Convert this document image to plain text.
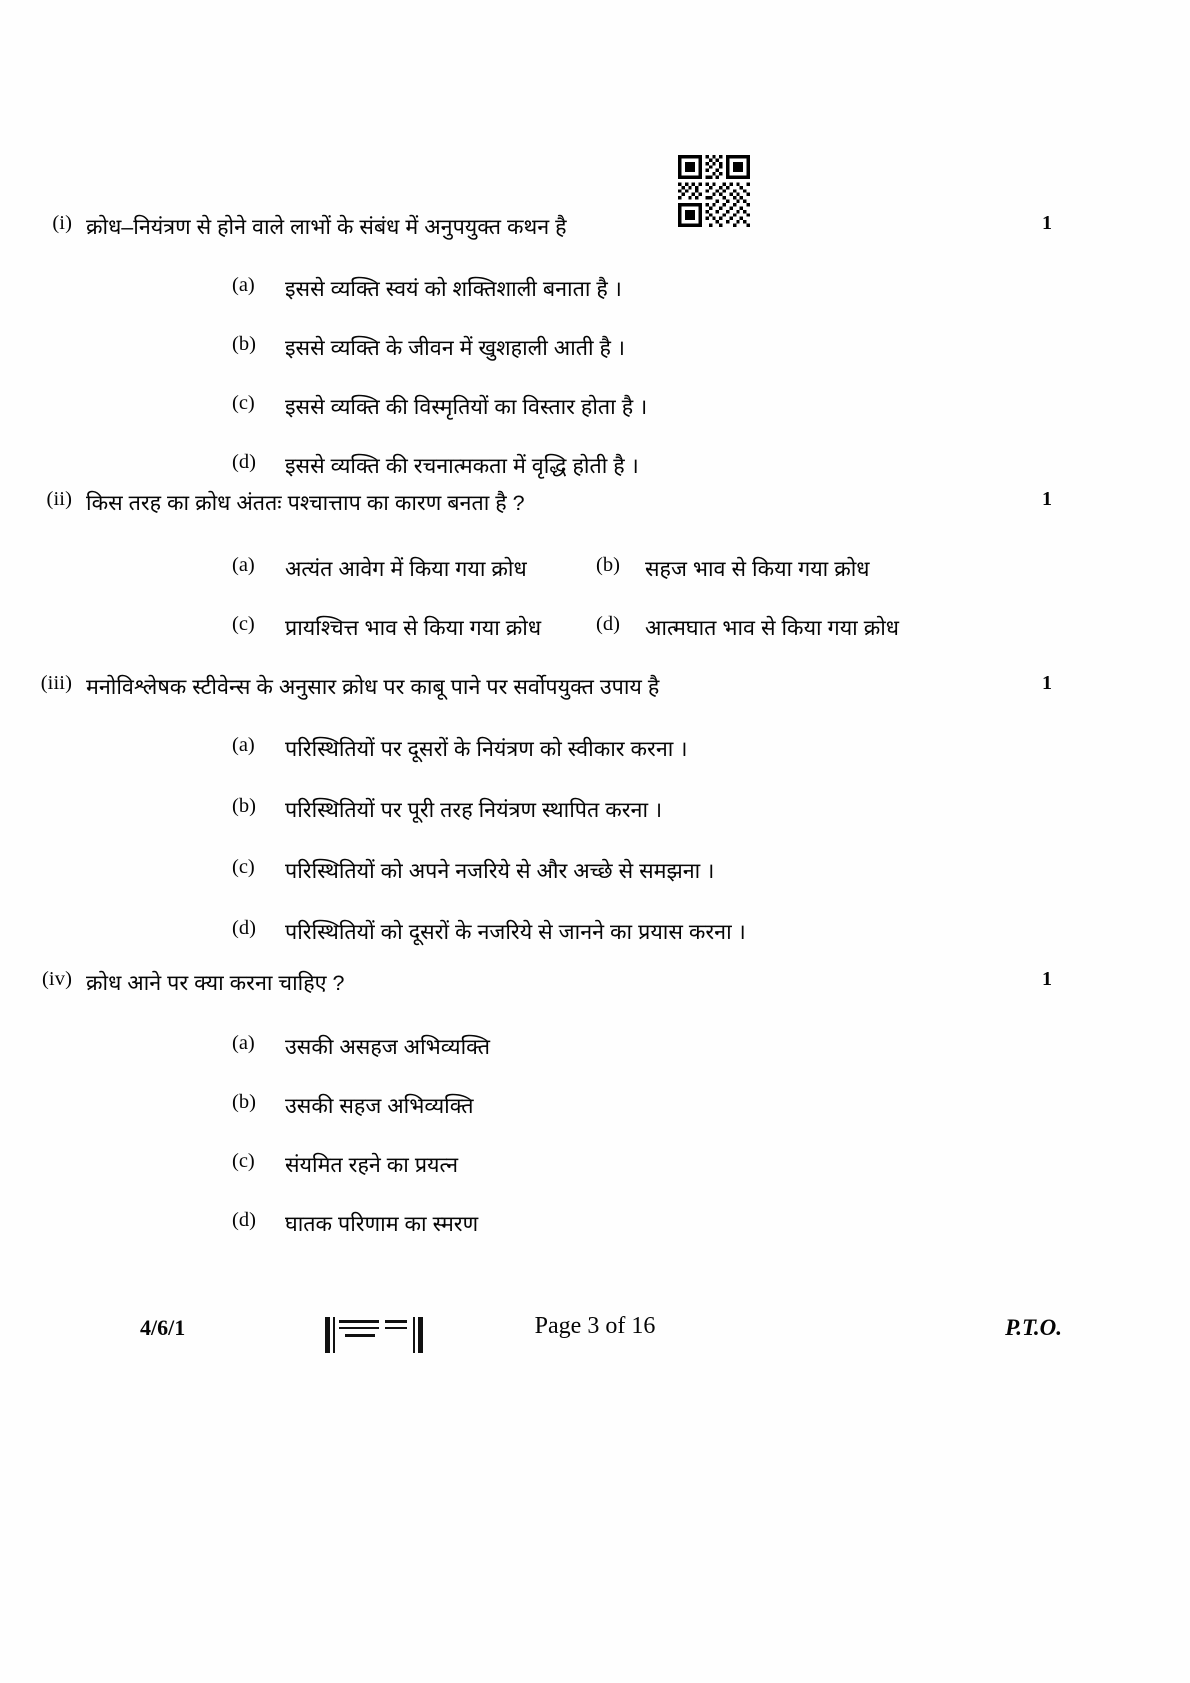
(i) क्रोध–नियंत्रण से होने वाले लाभों के संबंध में अनुपयुक्त कथन है	1
(a)	इससे व्यक्ति स्वयं को शक्तिशाली बनाता है ।
(b)	इससे व्यक्ति के जीवन में खुशहाली आती है ।
(c)	इससे व्यक्ति की विस्मृतियों का विस्तार होता है ।
(d)	इससे व्यक्ति की रचनात्मकता में वृद्धि होती है ।
(ii) किस तरह का क्रोध अंततः पश्चात्ताप का कारण बनता है ?	1
(a)	अत्यंत आवेग में किया गया क्रोध	(b)	सहज भाव से किया गया क्रोध
(c)	प्रायश्चित्त भाव से किया गया क्रोध	(d)	आत्मघात भाव से किया गया क्रोध
(iii) मनोविश्लेषक स्टीवेन्स के अनुसार क्रोध पर काबू पाने पर सर्वोपयुक्त उपाय है	1
(a)	परिस्थितियों पर दूसरों के नियंत्रण को स्वीकार करना ।
(b)	परिस्थितियों पर पूरी तरह नियंत्रण स्थापित करना ।
(c)	परिस्थितियों को अपने नजरिये से और अच्छे से समझना ।
(d)	परिस्थितियों को दूसरों के नजरिये से जानने का प्रयास करना ।
(iv) क्रोध आने पर क्या करना चाहिए ?	1
(a)	उसकी असहज अभिव्यक्ति
(b)	उसकी सहज अभिव्यक्ति
(c)	संयमित रहने का प्रयत्न
(d)	घातक परिणाम का स्मरण
4/6/1	Page 3 of 16	P.T.O.
